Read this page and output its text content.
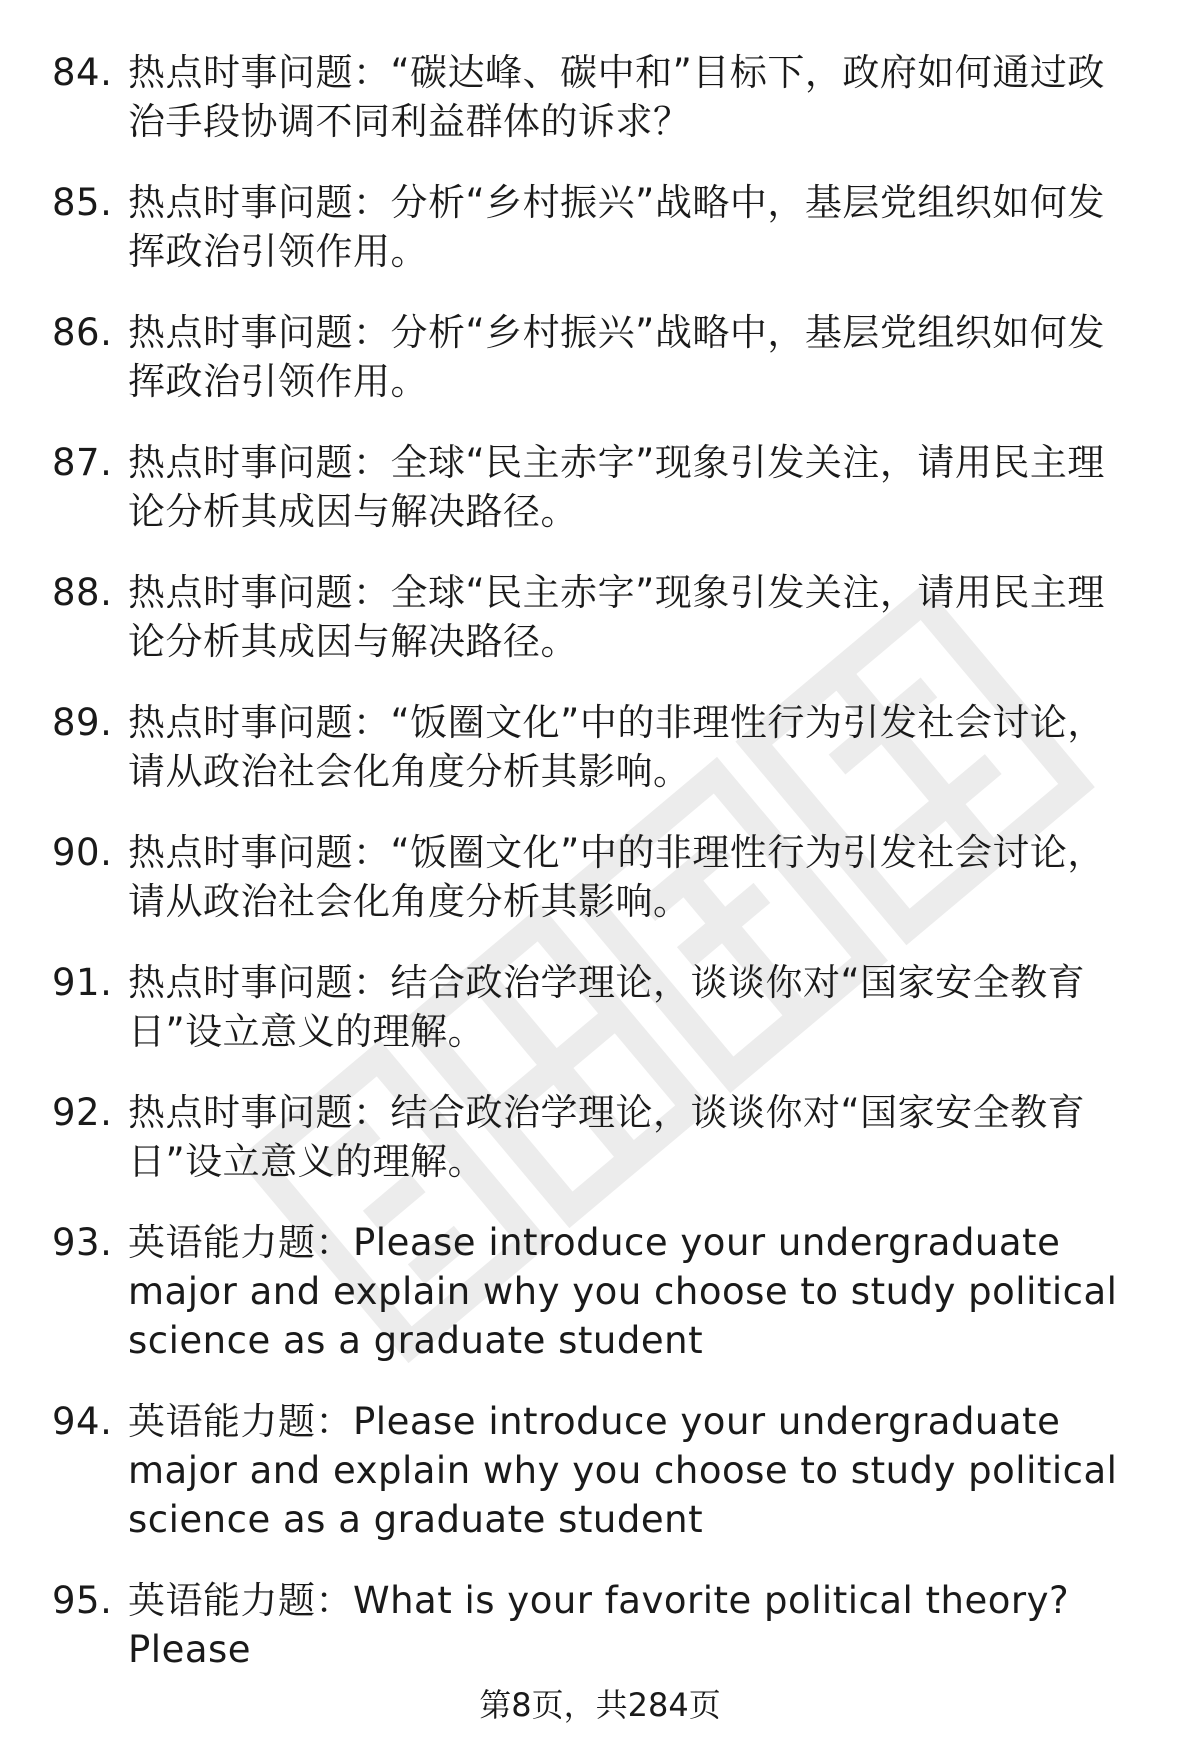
84. 热点时事问题：“碳达峰、碳中和”目标下，政府如何通过政治手段协调不同利益群体的诉求？
85. 热点时事问题：分析“乡村振兴”战略中，基层党组织如何发挥政治引领作用。
86. 热点时事问题：分析“乡村振兴”战略中，基层党组织如何发挥政治引领作用。
87. 热点时事问题：全球“民主赤字”现象引发关注，请用民主理论分析其成因与解决路径。
88. 热点时事问题：全球“民主赤字”现象引发关注，请用民主理论分析其成因与解决路径。
89. 热点时事问题：“饭圈文化”中的非理性行为引发社会讨论，请从政治社会化角度分析其影响。
90. 热点时事问题：“饭圈文化”中的非理性行为引发社会讨论，请从政治社会化角度分析其影响。
91. 热点时事问题：结合政治学理论，谈谈你对“国家安全教育日”设立意义的理解。
92. 热点时事问题：结合政治学理论，谈谈你对“国家安全教育日”设立意义的理解。
93. 英语能力题：Please introduce your undergraduate major and explain why you choose to study political science as a graduate student
94. 英语能力题：Please introduce your undergraduate major and explain why you choose to study political science as a graduate student
95. 英语能力题：What is your favorite political theory? Please
第8页，共284页
